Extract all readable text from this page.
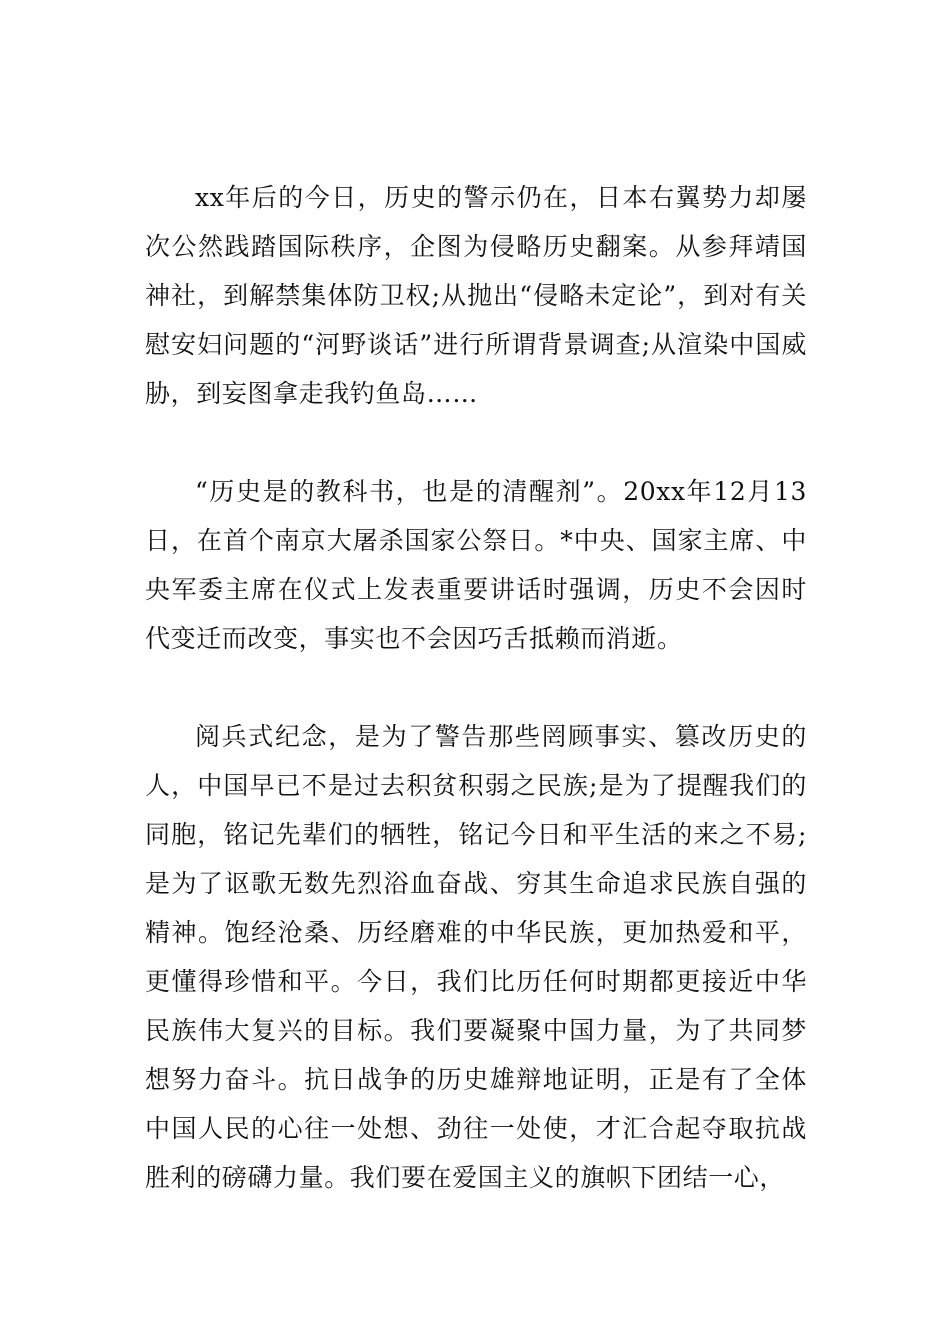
xx年后的今日，历史的警示仍在，日本右翼势力却屡次公然践踏国际秩序，企图为侵略历史翻案。从参拜靖国神社，到解禁集体防卫权;从抛出“侵略未定论”，到对有关慰安妇问题的“河野谈话”进行所谓背景调查;从渲染中国威胁，到妄图拿走我钓鱼岛……

“历史是的教科书，也是的清醒剂”。20xx年12月13日，在首个南京大屠杀国家公祭日。*中央、国家主席、中央军委主席在仪式上发表重要讲话时强调，历史不会因时代变迁而改变，事实也不会因巧舌抵赖而消逝。

阅兵式纪念，是为了警告那些罔顾事实、篡改历史的人，中国早已不是过去积贫积弱之民族;是为了提醒我们的同胞，铭记先辈们的牺牲，铭记今日和平生活的来之不易;是为了讴歌无数先烈浴血奋战、穷其生命追求民族自强的精神。饱经沧桑、历经磨难的中华民族，更加热爱和平，更懂得珍惜和平。今日，我们比历任何时期都更接近中华民族伟大复兴的目标。我们要凝聚中国力量，为了共同梦想努力奋斗。抗日战争的历史雄辩地证明，正是有了全体中国人民的心往一处想、劲往一处使，才汇合起夺取抗战胜利的磅礴力量。我们要在爱国主义的旗帜下团结一心，
